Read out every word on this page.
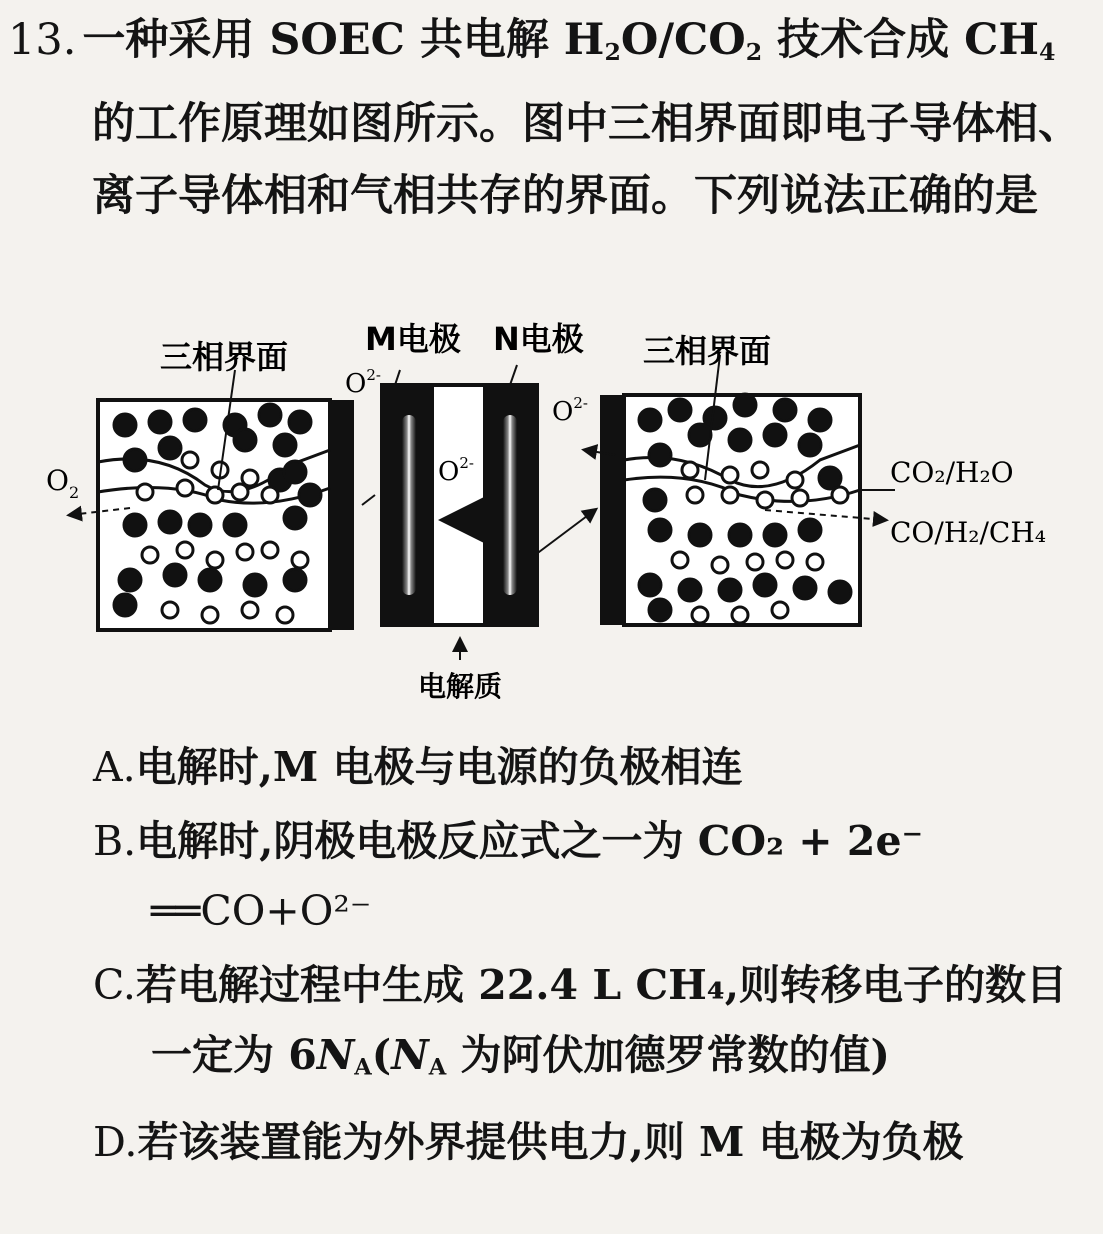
13. 一种采用 SOEC 共电解 $H_2O/CO_2$ 技术合成 $CH_4$ 的工作原理如图所示。图中三相界面即电子导体相、离子导体相和气相共存的界面。下列说法正确的是

三相界面	三相界面
M电极 N电极
$O^{2-}$
$O^{2-}$
$O^{2-}$
$O_2$
CO₂/H₂O
CO/H₂/CH₄
电解质
A.电解时,M 电极与电源的负极相连
B.电解时,阴极电极反应式之一为 CO₂ + 2e⁻
══CO+O²⁻
C.若电解过程中生成 22.4 L CH₄,则转移电子的数目一定为 $6N_A(N_A$ 为阿伏加德罗常数的值)
D.若该装置能为外界提供电力,则 M 电极为负极
